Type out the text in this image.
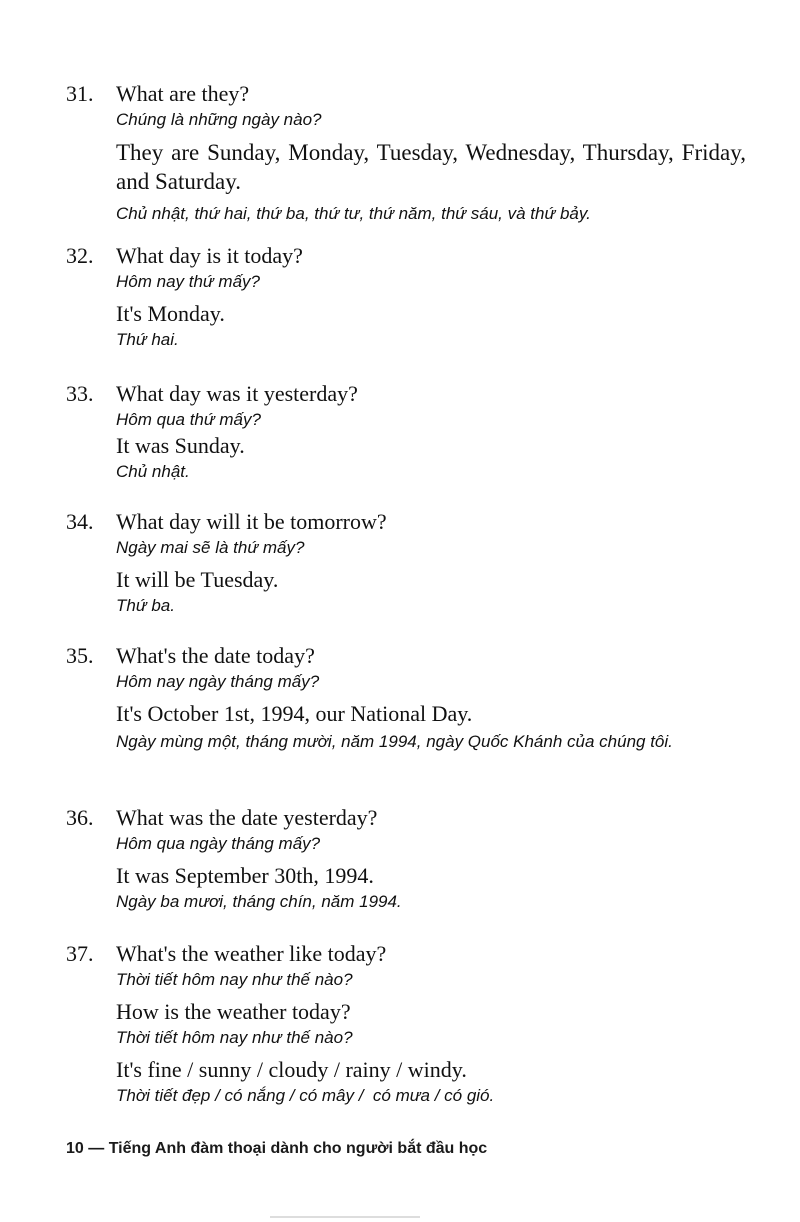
31. What are they?

Chúng là những ngày nào?

They are Sunday, Monday, Tuesday, Wednesday, Thursday, Friday, and Saturday.

Chủ nhật, thứ hai, thứ ba, thứ tư, thứ năm, thứ sáu, và thứ bảy.

32. What day is it today?

Hôm nay thứ mấy?

It's Monday.

Thứ hai.

33. What day was it yesterday?

Hôm qua thứ mấy?

It was Sunday.

Chủ nhật.

34. What day will it be tomorrow?

Ngày mai sẽ là thứ mấy?

It will be Tuesday.

Thứ ba.

35. What's the date today?

Hôm nay ngày tháng mấy?

It's October 1st, 1994, our National Day.

Ngày mùng một, tháng mười, năm 1994, ngày Quốc Khánh của chúng tôi.

36. What was the date yesterday?

Hôm qua ngày tháng mấy?

It was September 30th, 1994.

Ngày ba mươi, tháng chín, năm 1994.

37. What's the weather like today?

Thời tiết hôm nay như thế nào?

How is the weather today?

Thời tiết hôm nay như thế nào?

It's fine / sunny / cloudy / rainy / windy.

Thời tiết đẹp / có nắng / có mây /  có mưa / có gió.

10 — Tiếng Anh đàm thoại dành cho người bắt đầu học
